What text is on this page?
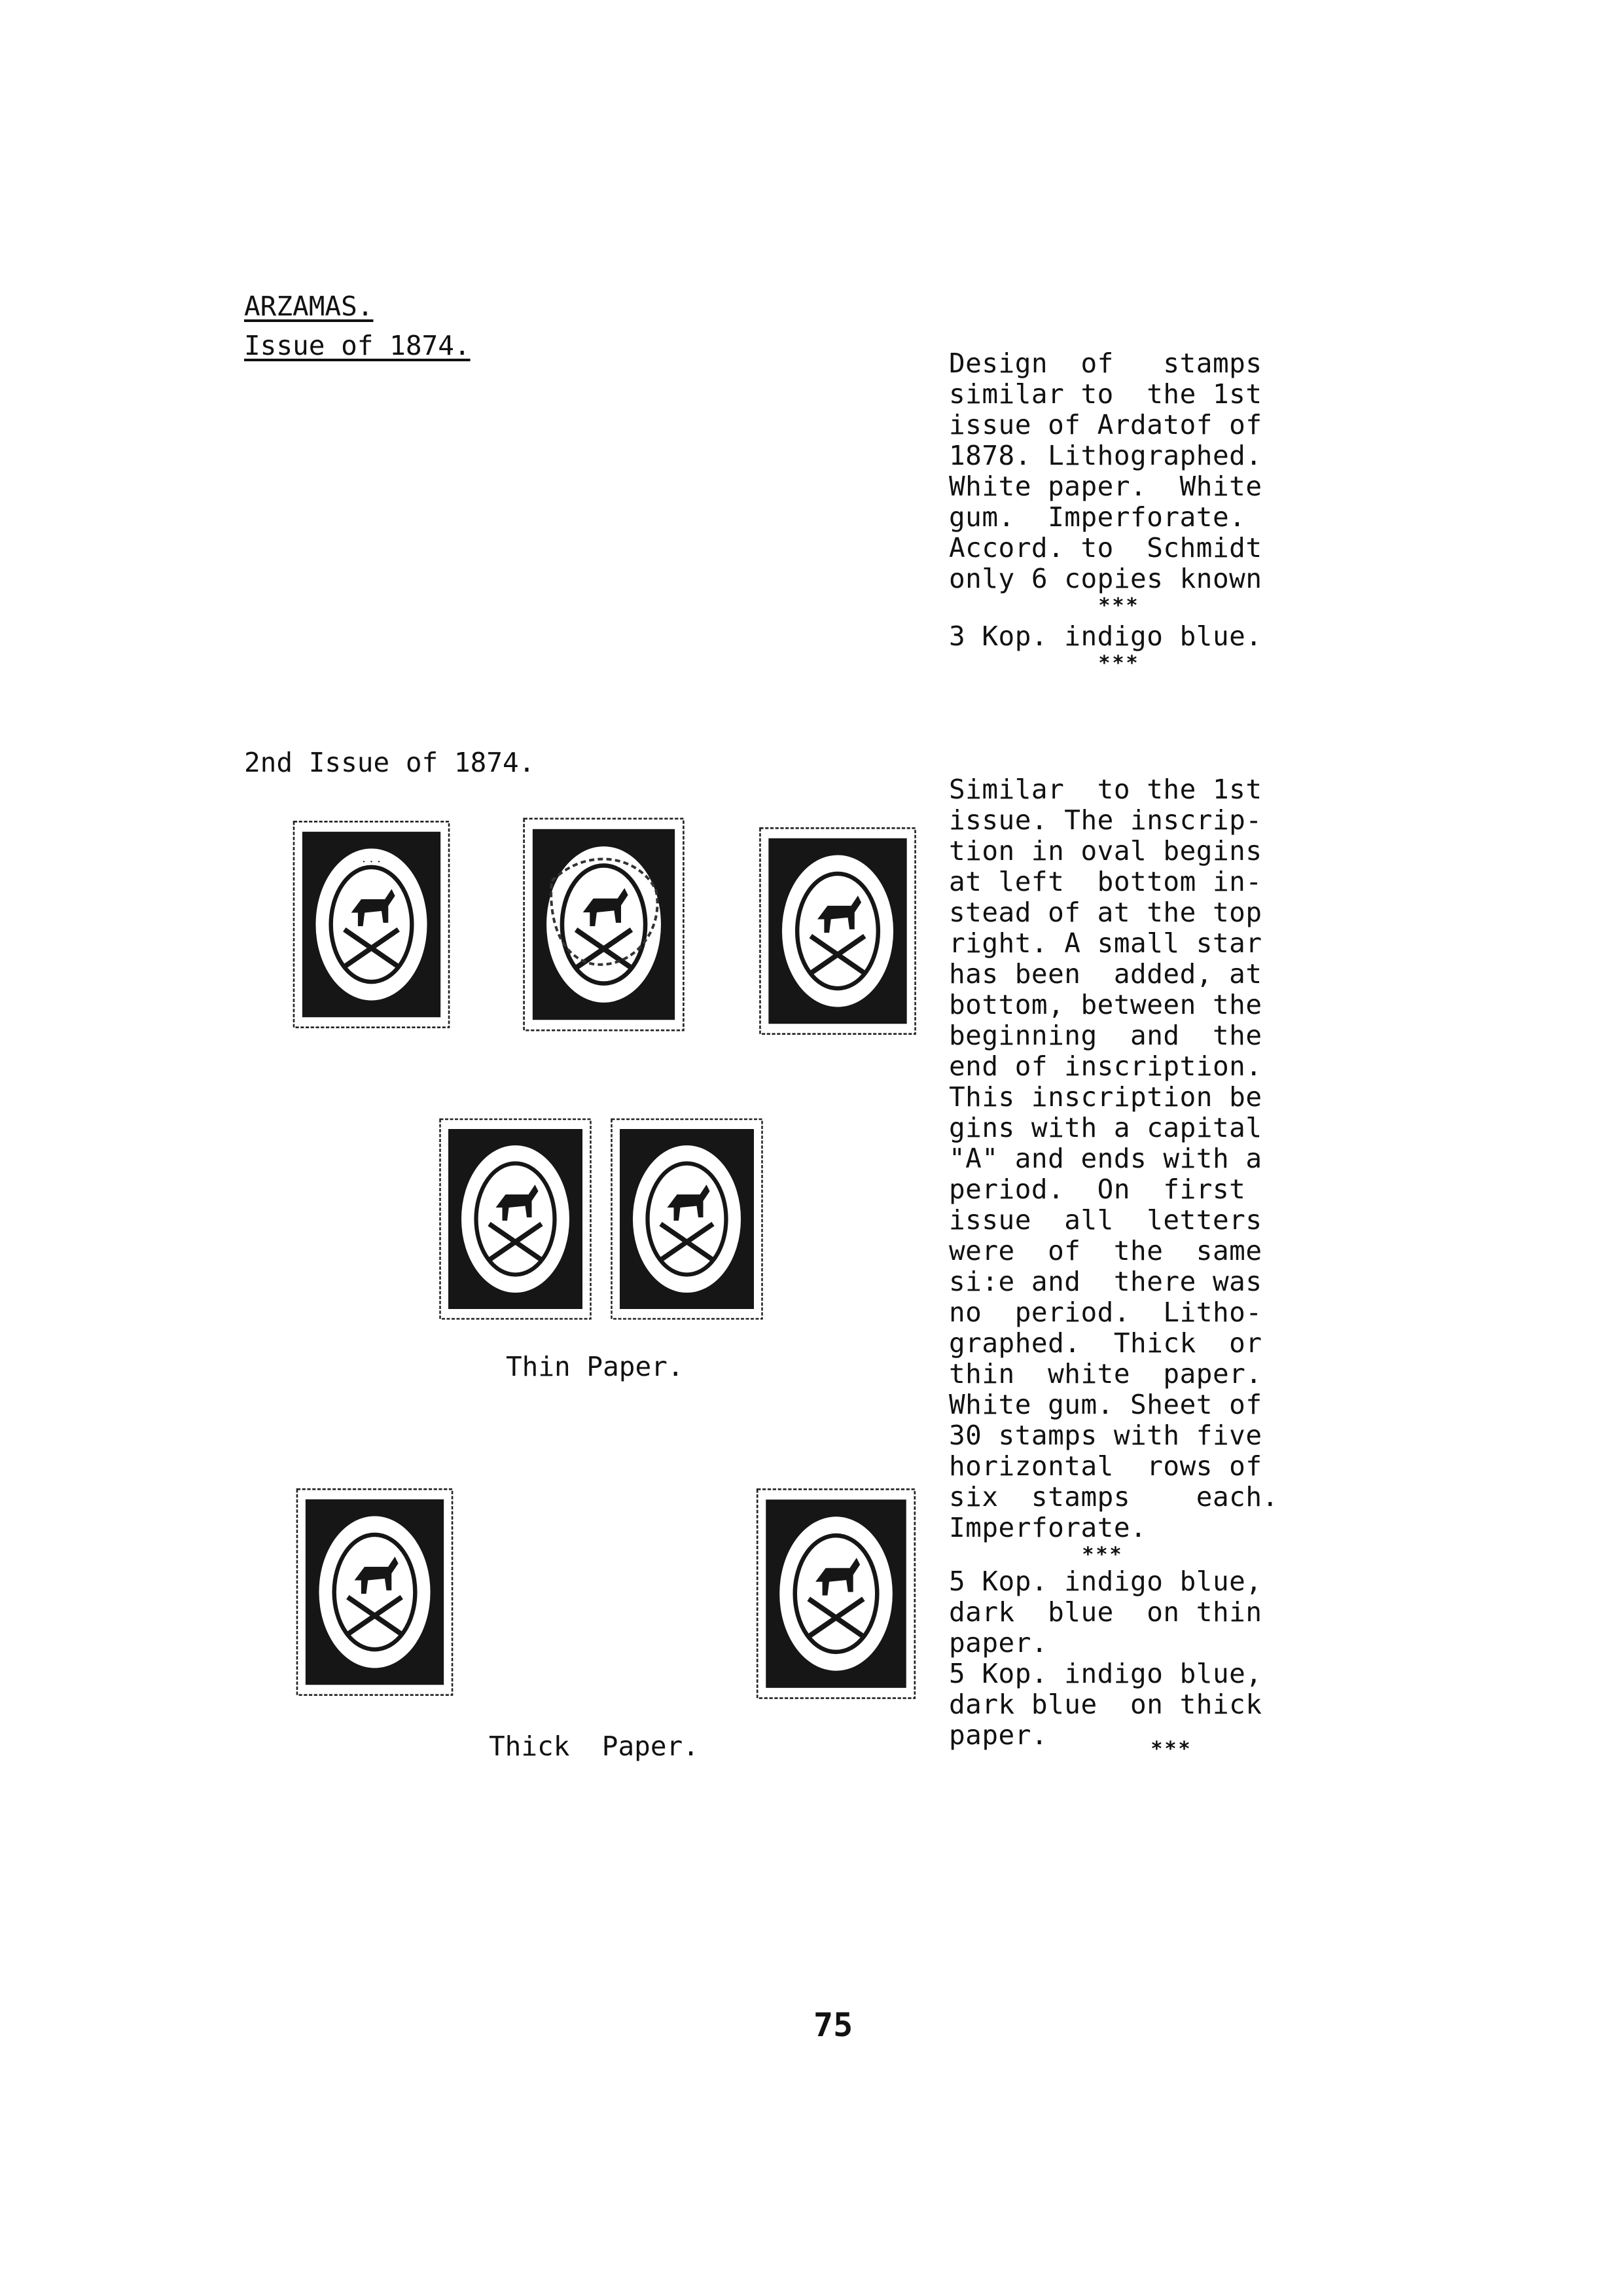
ARZAMAS.
Issue of 1874.
Design  of   stamps
similar to  the 1st
issue of Ardatof of
1878. Lithographed.
White paper.  White
gum.  Imperforate.
Accord. to  Schmidt
only 6 copies known
***
3 Kop. indigo blue.
***
2nd Issue of 1874.
Similar  to the 1st
issue. The inscrip-
tion in oval begins
at left  bottom in-
stead of at the top
right. A small star
has been  added, at
bottom, between the
beginning  and  the
end of inscription.
This inscription be
gins with a capital
"A" and ends with a
period.  On  first
issue  all  letters
were  of  the  same
si:e and  there was
no  period.  Litho-
graphed.  Thick  or
thin  white  paper.
White gum. Sheet of
30 stamps with five
horizontal  rows of
six  stamps    each.
Imperforate.
***
5 Kop. indigo blue,
dark  blue  on thin
paper.
5 Kop. indigo blue,
dark blue  on thick
paper.	***
· · ·
Thin Paper.
Thick  Paper.
75
